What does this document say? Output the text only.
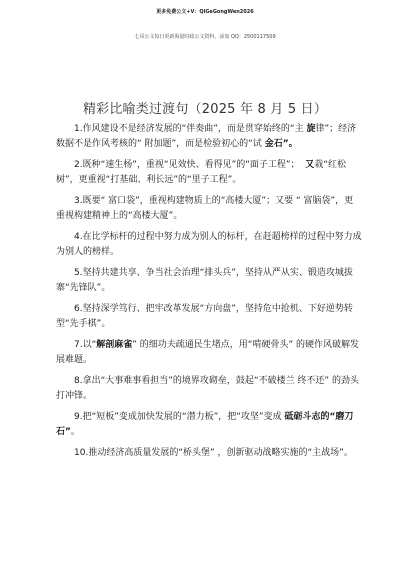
更多免费公文+V：QiGeGongWen2026
七哥公文每日更新海量时政公文资料，添加 QQ：2500117509
精彩比喻类过渡句（2025 年 8 月 5 日）

1.作风建设不是经济发展的“伴奏曲”，而是贯穿始终的“主 旋律”；经济数据不是作风考核的“ 附加题”，而是检验初心的“试 金石”。

2.既种“速生杨”，重视“见效快、看得见”的“面子工程”；  又栽“红松树”，更重视“打基础、利长远”的“里子工程”。

3.既要“ 富口袋”，重视构建物质上的“高楼大厦”；又要 “ 富脑袋”，更重视构建精神上的“高楼大厦”。

4.在比学标杆的过程中努力成为别人的标杆，在赶超榜样的过程中努力成为别人的榜样。

5.坚持共建共享、争当社会治理“排头兵”，坚持从严从实、锻造攻城拔寨“先锋队”。

6.坚持深学笃行、把牢改革发展“方向盘”，坚持危中抢机、下好逆势转型“先手棋”。

7.以“解剖麻雀” 的细功夫疏通民生堵点，用“啃硬骨头” 的硬作风破解发展难题。

8.拿出“大事难事看担当”的境界攻砌垒，鼓起“不破楼兰 终不还” 的劲头打冲锋。

9.把“短板”变成加快发展的“潜力板”，把“攻坚”变成 砥砺斗志的“磨刀石”。

10.推动经济高质量发展的“桥头堡” ，创新驱动战略实施的“主战场”。
